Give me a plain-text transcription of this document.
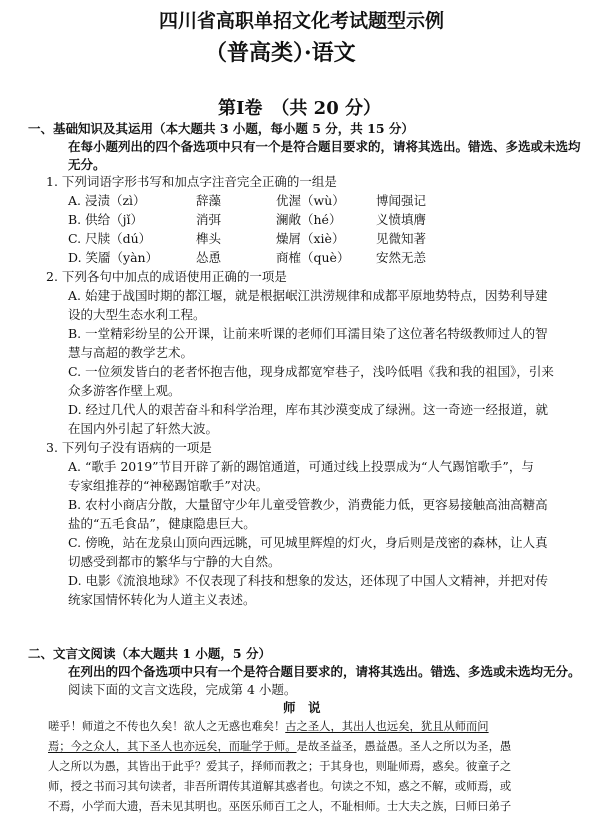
四川省高职单招文化考试题型示例
（普高类）·语文
第Ⅰ卷　（共 20 分）
一、基础知识及其运用（本大题共 3 小题，每小题 5 分，共 15 分）
在每小题列出的四个备选项中只有一个是符合题目要求的，请将其选出。错选、多选或未选均
无分。
1. 下列词语字形书写和加点字注音完全正确的一组是
A. 浸渍（zì）	辞藻	优渥（wù） 博闻强记
B. 供给（jǐ）	消弭	澜敞（hé）	义愤填膺
C. 尺牍（dú）	榫头	燥屑（xiè）	见微知著
D. 笑靥（yàn）	怂恿	商榷（què） 安然无恙
2. 下列各句中加点的成语使用正确的一项是
A. 始建于战国时期的都江堰，就是根据岷江洪涝规律和成都平原地势特点，因势利导建
设的大型生态水利工程。
B. 一堂精彩纷呈的公开课，让前来听课的老师们耳濡目染了这位著名特级教师过人的智
慧与高超的教学艺术。
C. 一位须发皆白的老者怀抱吉他，现身成都宽窄巷子，浅吟低唱《我和我的祖国》，引来
众多游客作壁上观。
D. 经过几代人的艰苦奋斗和科学治理，库布其沙漠变成了绿洲。这一奇迹一经报道，就
在国内外引起了轩然大波。
3. 下列句子没有语病的一项是
A. “歌手 2019”节目开辟了新的踢馆通道，可通过线上投票成为“人气踢馆歌手”，与
专家组推荐的“神秘踢馆歌手”对决。
B. 农村小商店分散，大量留守少年儿童受管教少，消费能力低，更容易接触高油高糖高
盐的“五毛食品”，健康隐患巨大。
C. 傍晚，站在龙泉山顶向西远眺，可见城里辉煌的灯火，身后则是茂密的森林，让人真
切感受到都市的繁华与宁静的大自然。
D. 电影《流浪地球》不仅表现了科技和想象的发达，还体现了中国人文精神，并把对传
统家国情怀转化为人道主义表述。
二、文言文阅读（本大题共 1 小题，5 分）
在列出的四个备选项中只有一个是符合题目要求的，请将其选出。错选、多选或未选均无分。
阅读下面的文言文选段，完成第 4 小题。
师　说
嗟乎！师道之不传也久矣！欲人之无惑也难矣！古之圣人，其出人也远矣，犹且从师而问
焉；今之众人，其下圣人也亦远矣，而耻学于师。是故圣益圣，愚益愚。圣人之所以为圣，愚
人之所以为愚，其皆出于此乎？爱其子，择师而教之；于其身也，则耻师焉，惑矣。彼童子之
师，授之书而习其句读者，非吾所谓传其道解其惑者也。句读之不知，惑之不解，或师焉，或
不焉，小学而大遗，吾未见其明也。巫医乐师百工之人，不耻相师。士大夫之族，曰师曰弟子
